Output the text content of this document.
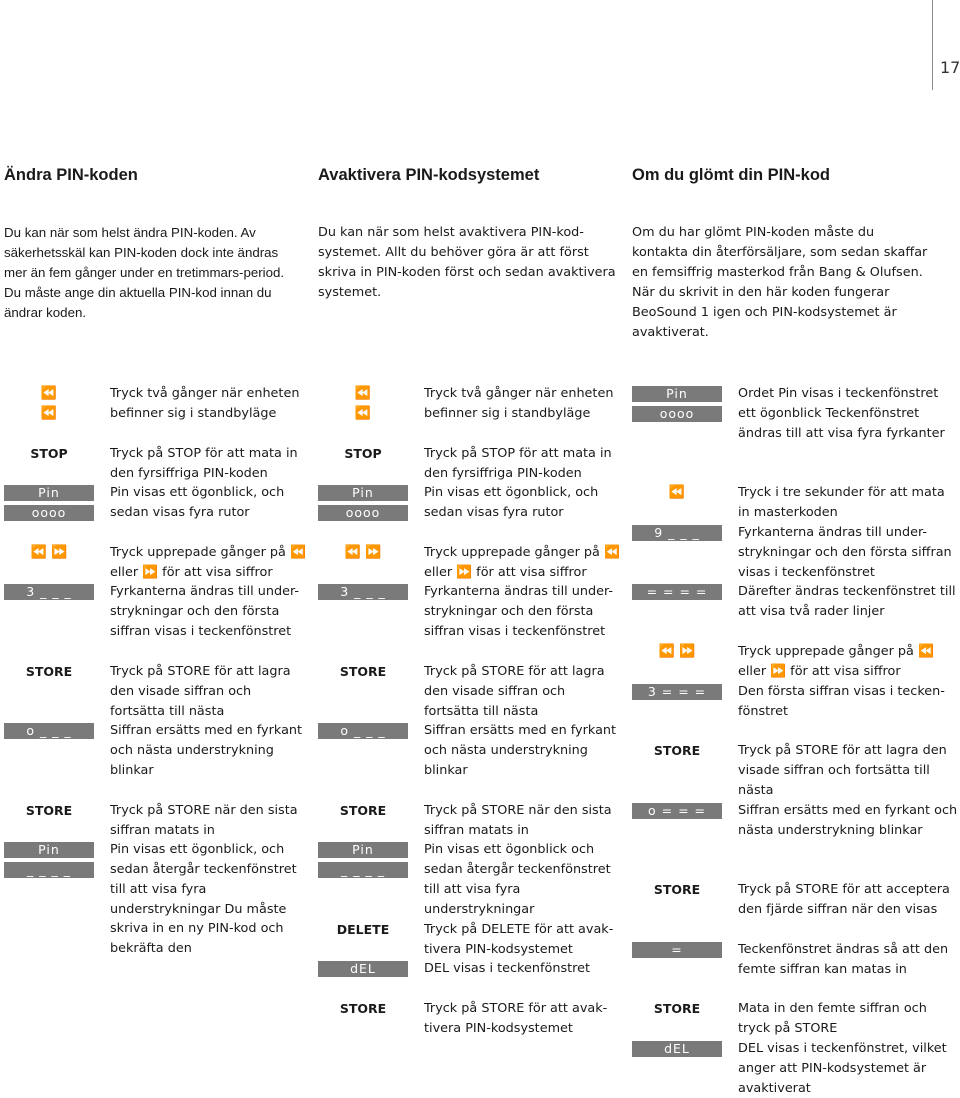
17
Ändra PIN-koden

Du kan när som helst ändra PIN-koden. Av säkerhetsskäl kan PIN-koden dock inte ändras mer än fem gånger under en tretimmars-period. Du måste ange din aktuella PIN-kod innan du ändrar koden.

⏪	Tryck två gånger när enheten
⏪	befinner sig i standbyläge
STOP	Tryck på STOP för att mata in den fyrsiffriga PIN-koden
Pin	Pin visas ett ögonblick, och
oooo	sedan visas fyra rutor
⏪ ⏩	Tryck upprepade gånger på ⏪ eller ⏩ för att visa siffror
3 _ _ _	Fyrkanterna ändras till under-strykningar och den första siffran visas i teckenfönstret
STORE	Tryck på STORE för att lagra den visade siffran och fortsätta till nästa
o _ _ _	Siffran ersätts med en fyrkant och nästa understrykning blinkar
STORE	Tryck på STORE när den sista siffran matats in
Pin	Pin visas ett ögonblick, och
_ _ _ _	sedan återgår teckenfönstret till att visa fyra understrykningar Du måste skriva in en ny PIN-kod och bekräfta den
Avaktivera PIN-kodsystemet

Du kan när som helst avaktivera PIN-kod-systemet. Allt du behöver göra är att först skriva in PIN-koden först och sedan avaktivera systemet.

⏪	Tryck två gånger när enheten
⏪	befinner sig i standbyläge
STOP	Tryck på STOP för att mata in den fyrsiffriga PIN-koden
Pin	Pin visas ett ögonblick, och
oooo	sedan visas fyra rutor
⏪ ⏩	Tryck upprepade gånger på ⏪ eller ⏩ för att visa siffror
3 _ _ _	Fyrkanterna ändras till under-strykningar och den första siffran visas i teckenfönstret
STORE	Tryck på STORE för att lagra den visade siffran och fortsätta till nästa
o _ _ _	Siffran ersätts med en fyrkant och nästa understrykning blinkar
STORE	Tryck på STORE när den sista siffran matats in
Pin	Pin visas ett ögonblick och
_ _ _ _	sedan återgår teckenfönstret till att visa fyra understrykningar
DELETE	Tryck på DELETE för att avak-tivera PIN-kodsystemet
dEL	DEL visas i teckenfönstret
STORE	Tryck på STORE för att avak-tivera PIN-kodsystemet
Om du glömt din PIN-kod

Om du har glömt PIN-koden måste du kontakta din återförsäljare, som sedan skaffar en femsiffrig masterkod från Bang & Olufsen. När du skrivit in den här koden fungerar BeoSound 1 igen och PIN-kodsystemet är avaktiverat.

Pin	Ordet Pin visas i teckenfönstret
oooo	ett ögonblick Teckenfönstret ändras till att visa fyra fyrkanter
⏪	Tryck i tre sekunder för att mata in masterkoden
9 _ _ _	Fyrkanterna ändras till under-strykningar och den första siffran visas i teckenfönstret
= = = =	Därefter ändras teckenfönstret till att visa två rader linjer
⏪ ⏩	Tryck upprepade gånger på ⏪ eller ⏩ för att visa siffror
3 = = =	Den första siffran visas i tecken-fönstret
STORE	Tryck på STORE för att lagra den visade siffran och fortsätta till nästa
o = = =	Siffran ersätts med en fyrkant och nästa understrykning blinkar
STORE	Tryck på STORE för att acceptera den fjärde siffran när den visas
=	Teckenfönstret ändras så att den femte siffran kan matas in
STORE	Mata in den femte siffran och tryck på STORE
dEL	DEL visas i teckenfönstret, vilket anger att PIN-kodsystemet är avaktiverat
